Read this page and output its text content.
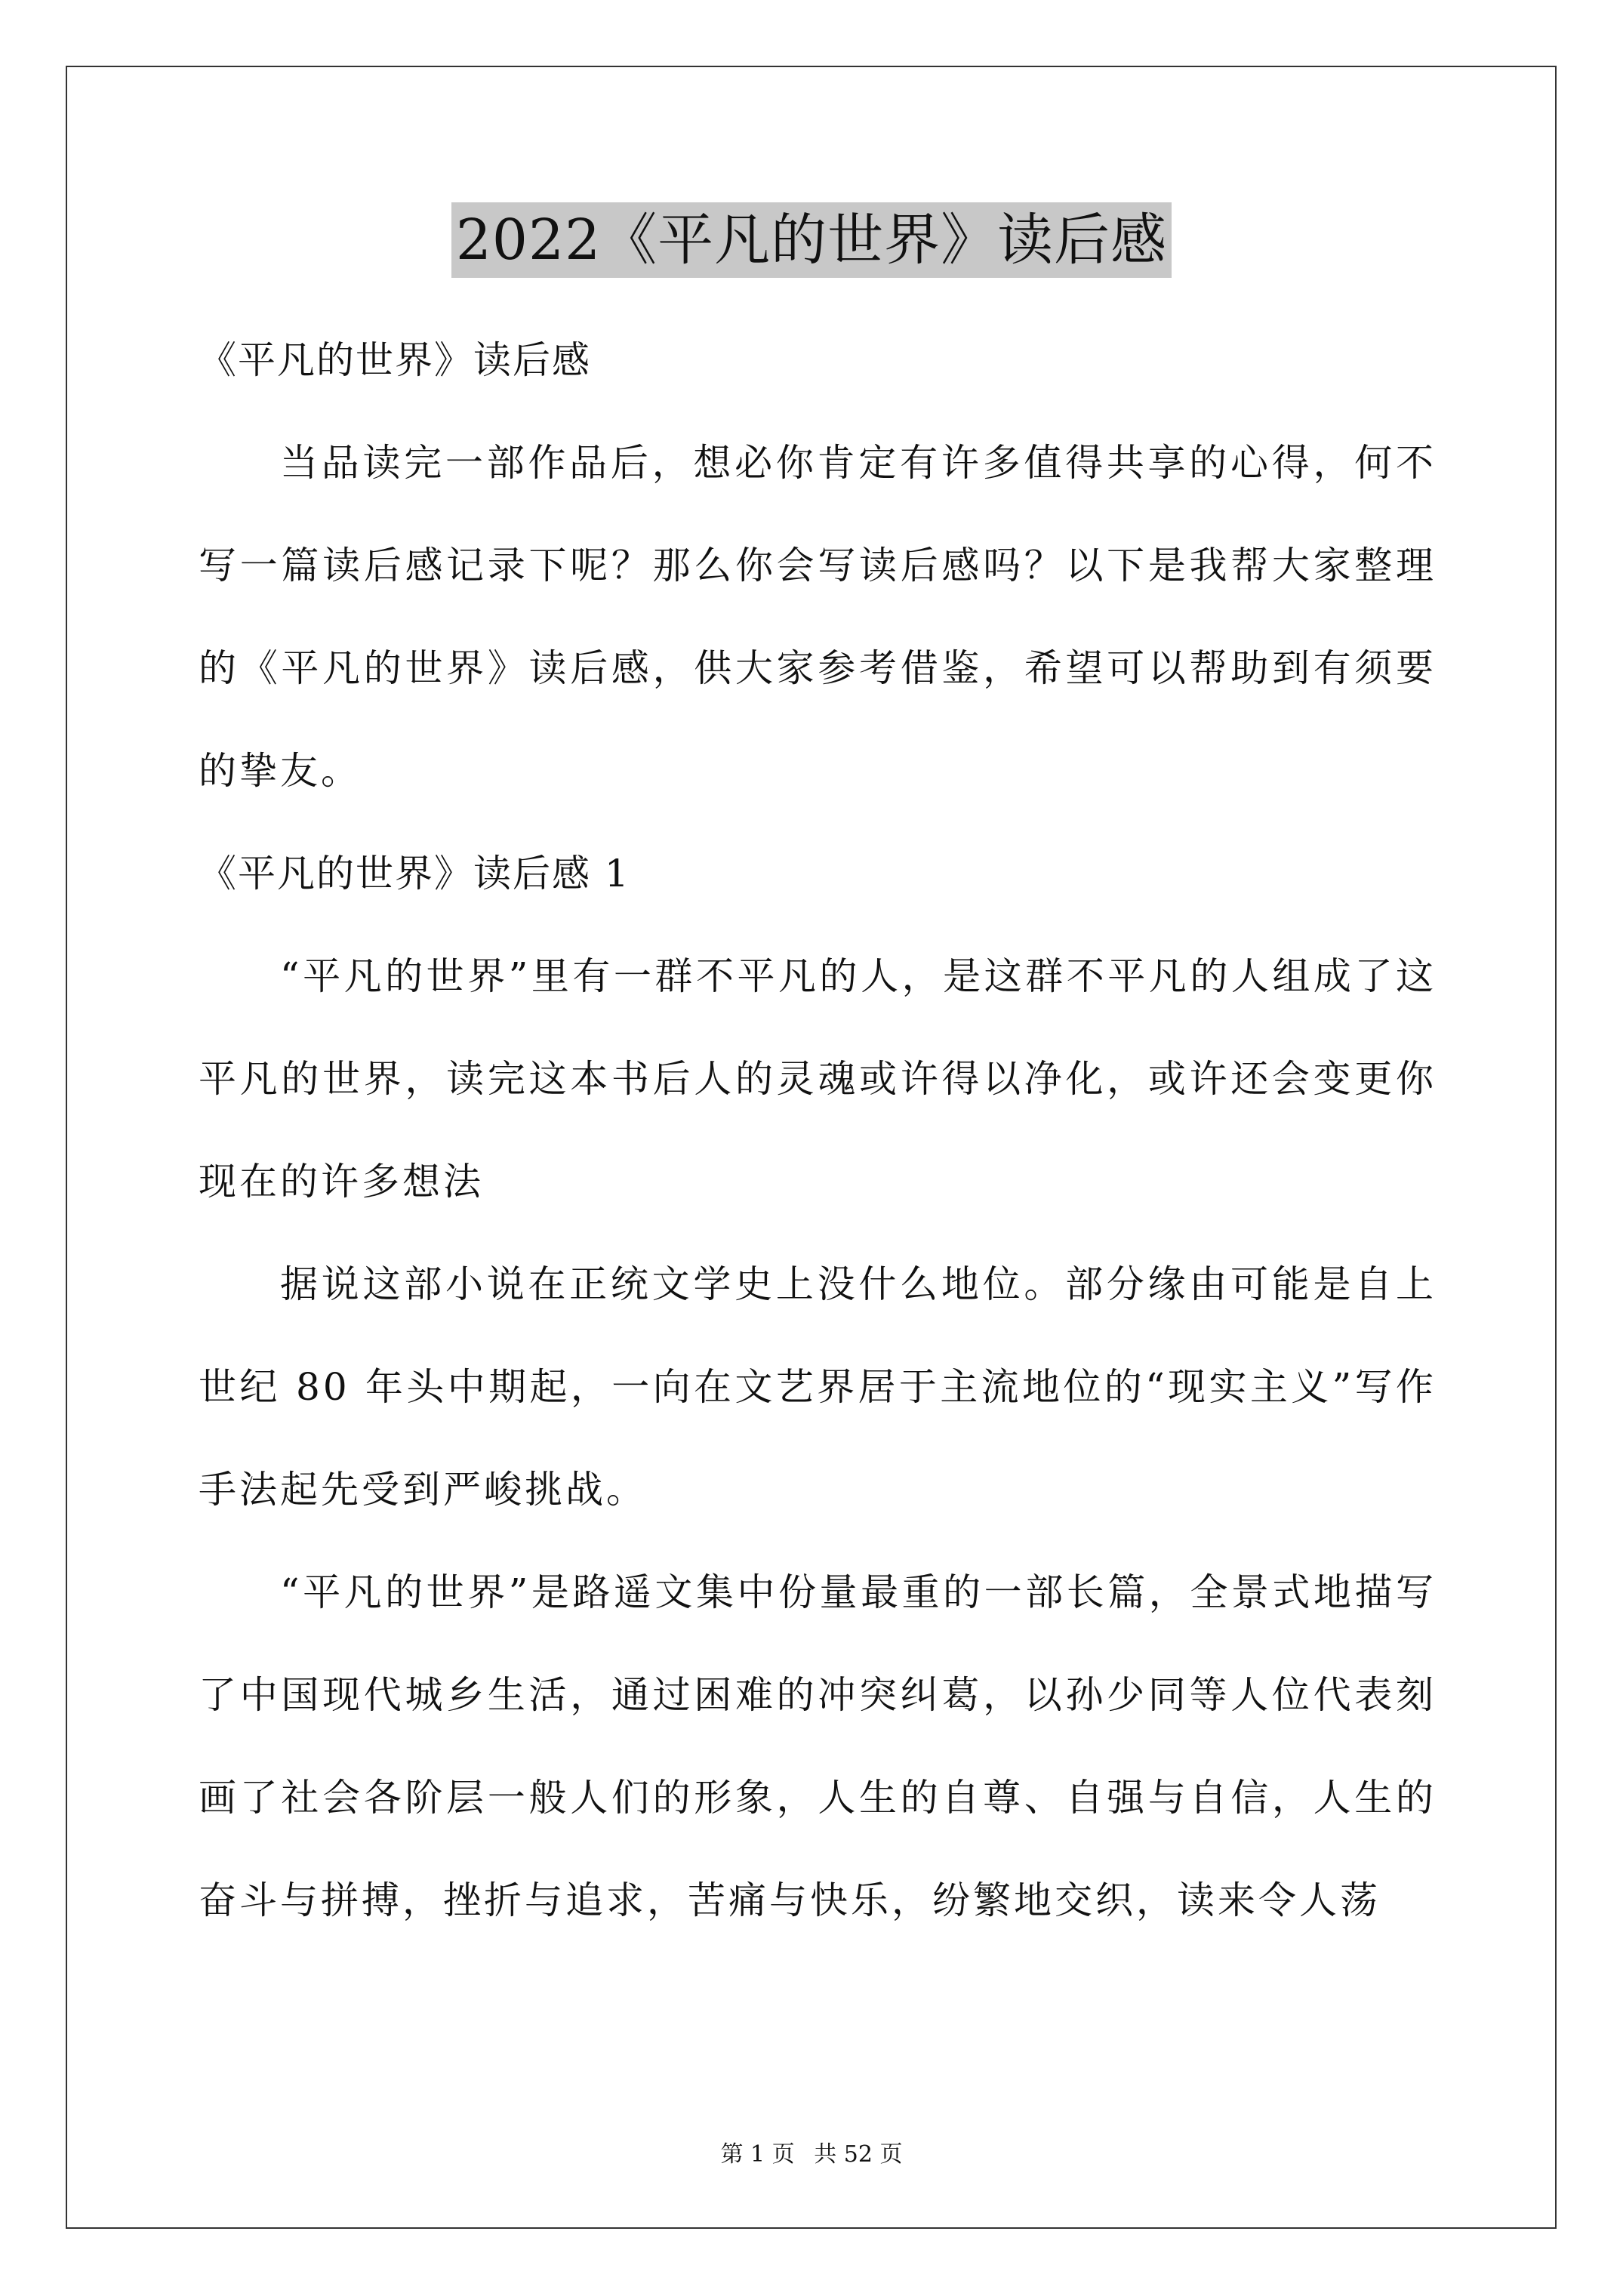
2022《平凡的世界》读后感

《平凡的世界》读后感

当品读完一部作品后，想必你肯定有许多值得共享的心得，何不写一篇读后感记录下呢？那么你会写读后感吗？以下是我帮大家整理的《平凡的世界》读后感，供大家参考借鉴，希望可以帮助到有须要的挚友。

《平凡的世界》读后感 1

“平凡的世界”里有一群不平凡的人，是这群不平凡的人组成了这平凡的世界，读完这本书后人的灵魂或许得以净化，或许还会变更你现在的许多想法

据说这部小说在正统文学史上没什么地位。部分缘由可能是自上世纪 80 年头中期起，一向在文艺界居于主流地位的“现实主义”写作手法起先受到严峻挑战。

“平凡的世界”是路遥文集中份量最重的一部长篇，全景式地描写了中国现代城乡生活，通过困难的冲突纠葛，以孙少同等人位代表刻画了社会各阶层一般人们的形象，人生的自尊、自强与自信，人生的奋斗与拼搏，挫折与追求，苦痛与快乐，纷繁地交织，读来令人荡

第 1 页 共 52 页
